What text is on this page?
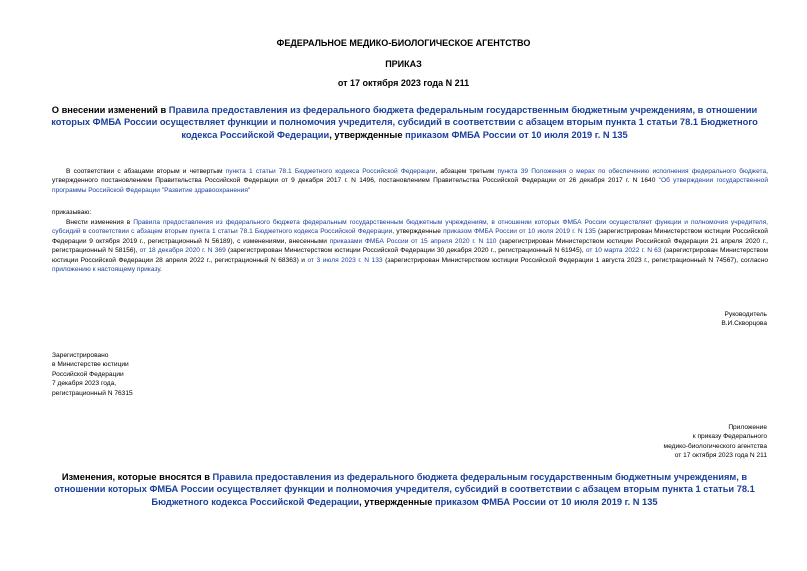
ФЕДЕРАЛЬНОЕ МЕДИКО-БИОЛОГИЧЕСКОЕ АГЕНТСТВО
ПРИКАЗ
от 17 октября 2023 года N 211
О внесении изменений в Правила предоставления из федерального бюджета федеральным государственным бюджетным учреждениям, в отношении которых ФМБА России осуществляет функции и полномочия учредителя, субсидий в соответствии с абзацем вторым пункта 1 статьи 78.1 Бюджетного кодекса Российской Федерации, утвержденные приказом ФМБА России от 10 июля 2019 г. N 135

В соответствии с абзацами вторым и четвертым пункта 1 статьи 78.1 Бюджетного кодекса Российской Федерации, абзацем третьим пункта 39 Положения о мерах по обеспечению исполнения федерального бюджета, утвержденного постановлением Правительства Российской Федерации от 9 декабря 2017 г. N 1496, постановлением Правительства Российской Федерации от 26 декабря 2017 г. N 1640 "Об утверждении государственной программы Российской Федерации "Развитие здравоохранения"

приказываю:

Внести изменения в Правила предоставления из федерального бюджета федеральным государственным бюджетным учреждениям, в отношении которых ФМБА России осуществляет функции и полномочия учредителя, субсидий в соответствии с абзацем вторым пункта 1 статьи 78.1 Бюджетного кодекса Российской Федерации, утвержденные приказом ФМБА России от 10 июля 2019 г. N 135 (зарегистрирован Министерством юстиции Российской Федерации 9 октября 2019 г., регистрационный N 56189), с изменениями, внесенными приказами ФМБА России от 15 апреля 2020 г. N 110 (зарегистрирован Министерством юстиции Российской Федерации 21 апреля 2020 г., регистрационный N 58156), от 18 декабря 2020 г. N 369 (зарегистрирован Министерством юстиции Российской Федерации 30 декабря 2020 г., регистрационный N 61945), от 10 марта 2022 г. N 63 (зарегистрирован Министерством юстиции Российской Федерации 28 апреля 2022 г., регистрационный N 68363) и от 3 июля 2023 г. N 133 (зарегистрирован Министерством юстиции Российской Федерации 1 августа 2023 г., регистрационный N 74567), согласно приложению к настоящему приказу.

Руководитель
В.И.Скворцова
Зарегистрировано
в Министерстве юстиции
Российской Федерации
7 декабря 2023 года,
регистрационный N 76315
Приложение
к приказу Федерального
медико-биологического агентства
от 17 октября 2023 года N 211
Изменения, которые вносятся в Правила предоставления из федерального бюджета федеральным государственным бюджетным учреждениям, в отношении которых ФМБА России осуществляет функции и полномочия учредителя, субсидий в соответствии с абзацем вторым пункта 1 статьи 78.1 Бюджетного кодекса Российской Федерации, утвержденные приказом ФМБА России от 10 июля 2019 г. N 135
